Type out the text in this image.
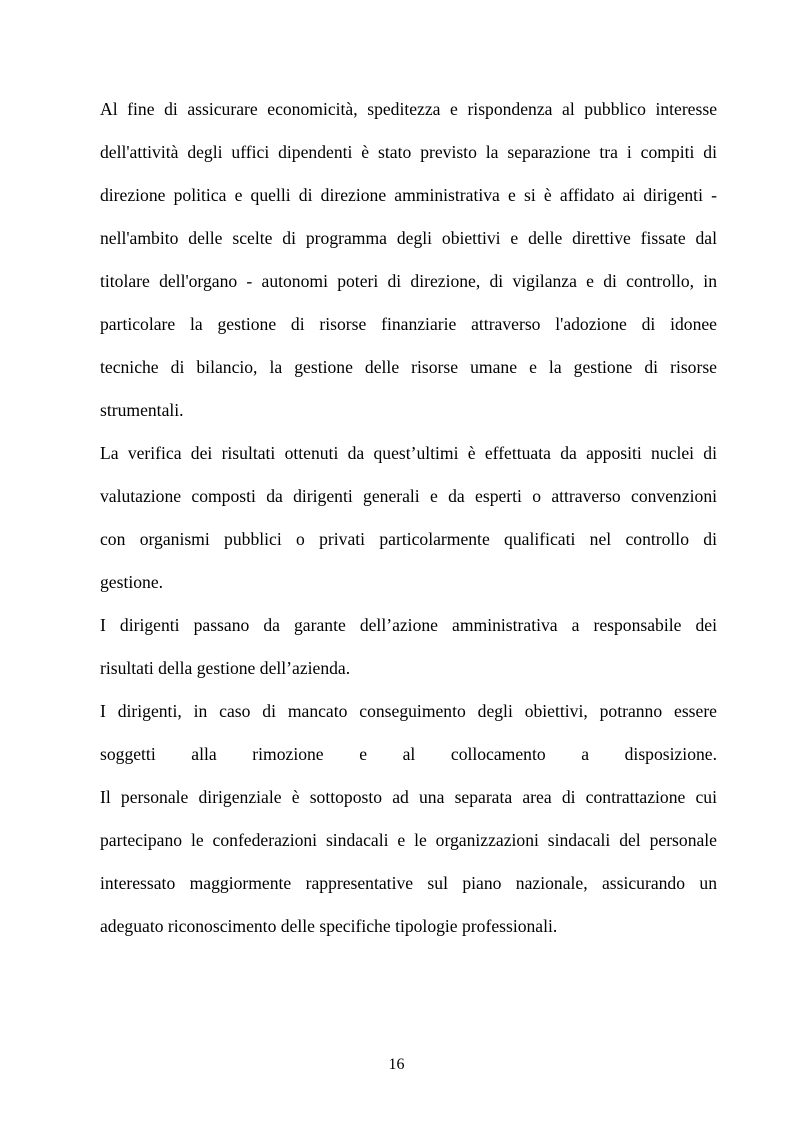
Al fine di assicurare economicità, speditezza e rispondenza al pubblico interesse
dell'attività degli uffici dipendenti è stato previsto la separazione tra i compiti di
direzione politica e quelli di direzione amministrativa e si è affidato ai dirigenti -
nell'ambito delle scelte di programma degli obiettivi e delle direttive fissate dal
titolare dell'organo - autonomi poteri di direzione, di vigilanza e di controllo, in
particolare la gestione di risorse finanziarie attraverso l'adozione di idonee
tecniche di bilancio, la gestione delle risorse umane e la gestione di risorse
strumentali.
La verifica dei risultati ottenuti da quest’ultimi è effettuata da appositi nuclei di
valutazione composti da dirigenti generali e da esperti o attraverso convenzioni
con organismi pubblici o privati particolarmente qualificati nel controllo di
gestione.
I dirigenti passano da garante dell’azione amministrativa a responsabile dei
risultati della gestione dell’azienda.
I dirigenti, in caso di mancato conseguimento degli obiettivi, potranno essere
soggetti alla rimozione e al collocamento a disposizione.
Il personale dirigenziale è sottoposto ad una separata area di contrattazione cui
partecipano le confederazioni sindacali e le organizzazioni sindacali del personale
interessato maggiormente rappresentative sul piano nazionale, assicurando un
adeguato riconoscimento delle specifiche tipologie professionali.
16
